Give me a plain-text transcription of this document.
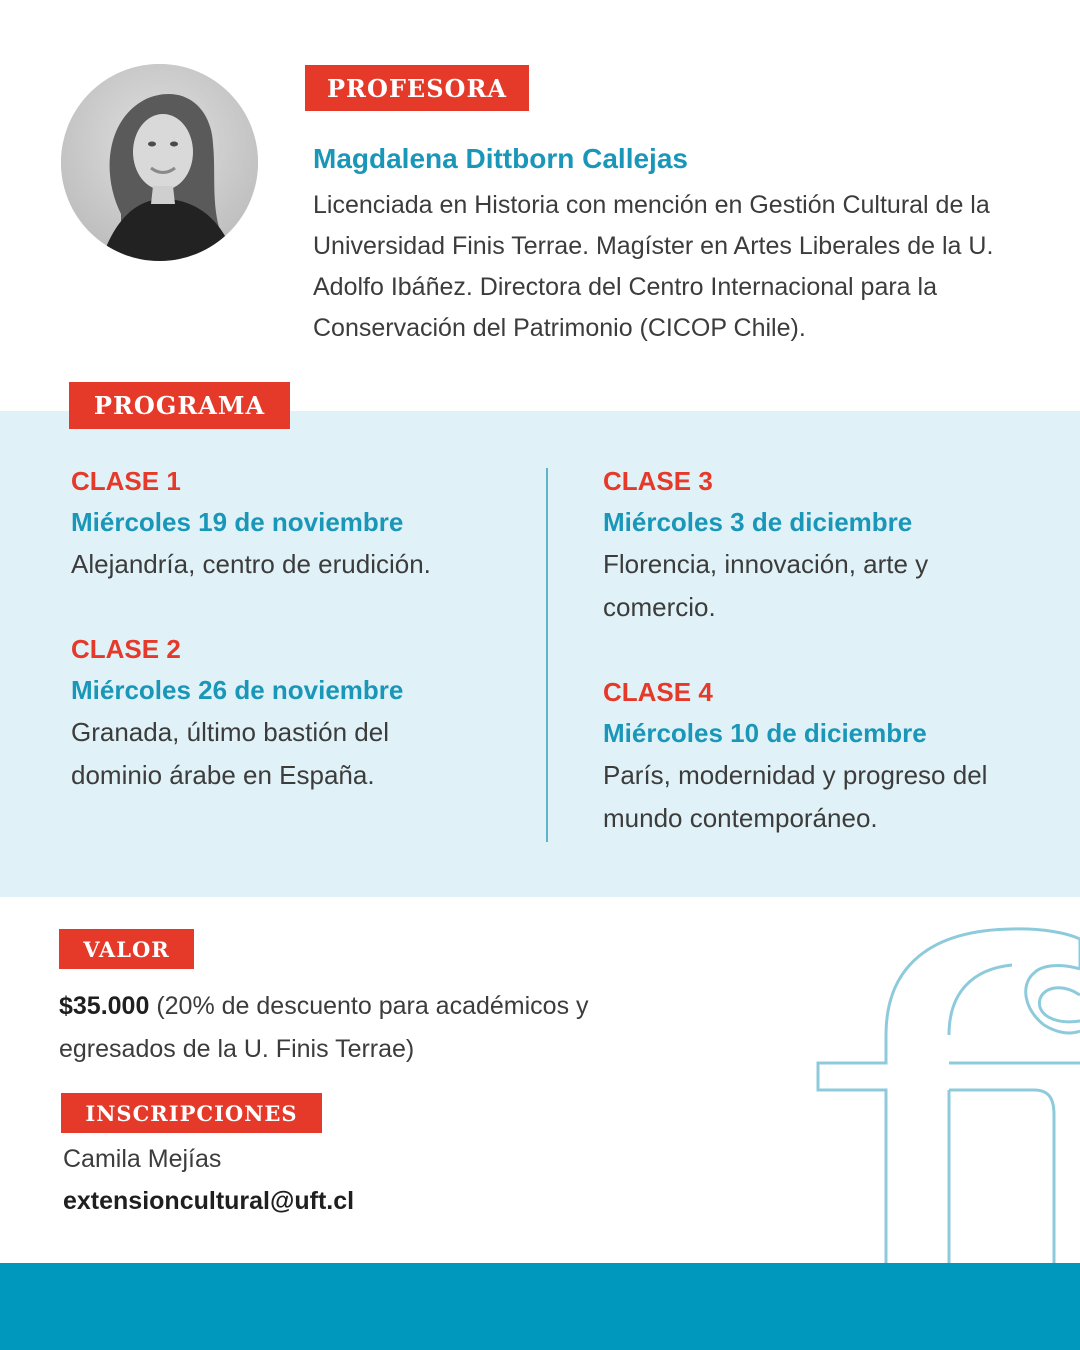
PROFESORA
Magdalena Dittborn Callejas
Licenciada en Historia con mención en Gestión Cultural de la Universidad Finis Terrae. Magíster en Artes Liberales de la U. Adolfo Ibáñez. Directora del Centro Internacional para la Conservación del Patrimonio (CICOP Chile).
PROGRAMA
CLASE 1
Miércoles 19 de noviembre
Alejandría, centro de erudición.
CLASE 2
Miércoles 26 de noviembre
Granada, último bastión del dominio árabe en España.
CLASE 3
Miércoles 3 de diciembre
Florencia, innovación, arte y comercio.
CLASE 4
Miércoles 10 de diciembre
París, modernidad y progreso del mundo contemporáneo.
VALOR
$35.000 (20% de descuento para académicos y egresados de la U. Finis Terrae)
INSCRIPCIONES
Camila Mejías
extensioncultural@uft.cl
